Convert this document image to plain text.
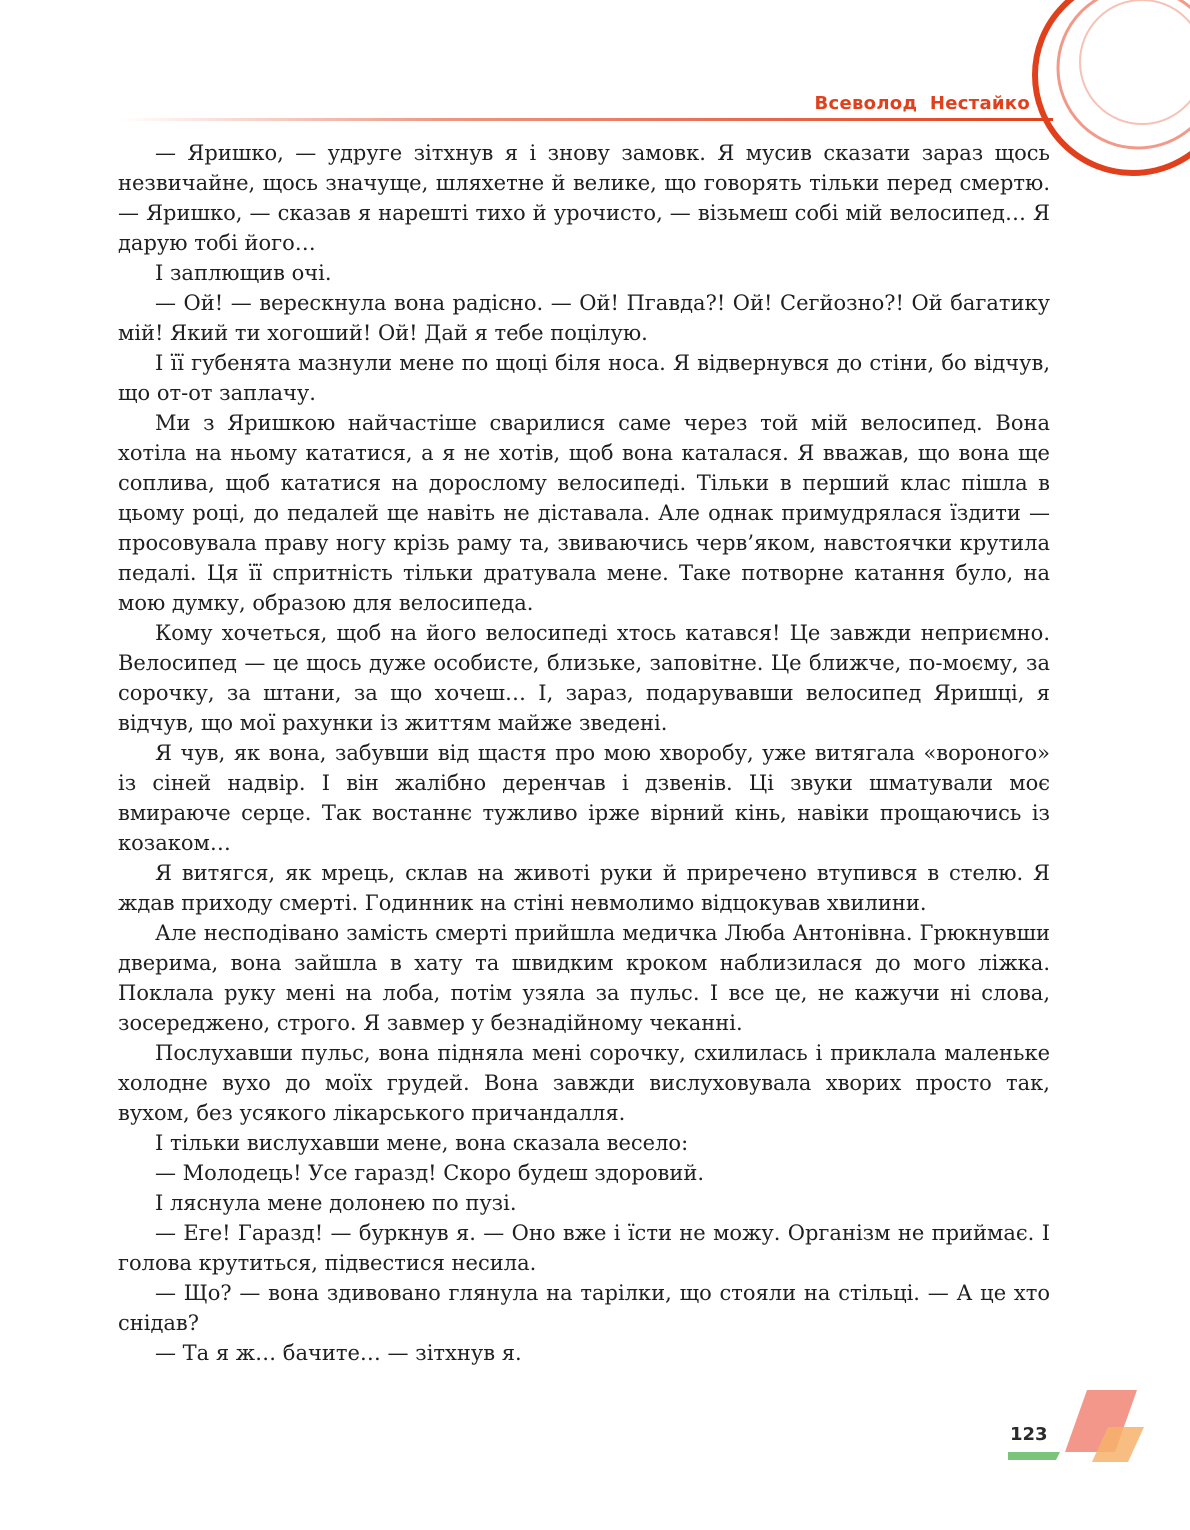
Всеволод Нестайко

— Яришко, — удруге зітхнув я і знову замовк. Я мусив сказати зараз щось незвичайне, щось значуще, шляхетне й велике, що говорять тільки перед смертю. — Яришко, — сказав я нарешті тихо й урочисто, — візьмеш собі мій велосипед… Я дарую тобі його…

І заплющив очі.

— Ой! — верескнула вона радісно. — Ой! Пгавда?! Ой! Сегйозно?! Ой багатику мій! Який ти хогоший! Ой! Дай я тебе поцілую.

І її губенята мазнули мене по щоці біля носа. Я відвернувся до стіни, бо відчув, що от-от заплачу.

Ми з Яришкою найчастіше сварилися саме через той мій велосипед. Вона хотіла на ньому кататися, а я не хотів, щоб вона каталася. Я вважав, що вона ще соплива, щоб кататися на дорослому велосипеді. Тільки в перший клас пішла в цьому році, до педалей ще навіть не діставала. Але однак примудрялася їздити — просовувала праву ногу крізь раму та, звиваючись черв’яком, навстоячки крутила педалі. Ця її спритність тільки дратувала мене. Таке потворне катання було, на мою думку, образою для велосипеда.

Кому хочеться, щоб на його велосипеді хтось катався! Це завжди неприємно. Велосипед — це щось дуже особисте, близьке, заповітне. Це ближче, по-моєму, за сорочку, за штани, за що хочеш… І, зараз, подарувавши велосипед Яришці, я відчув, що мої рахунки із життям майже зведені.

Я чув, як вона, забувши від щастя про мою хворобу, уже витягала «вороного» із сіней надвір. І він жалібно деренчав і дзвенів. Ці звуки шматували моє вмираюче серце. Так востаннє тужливо ірже вірний кінь, навіки прощаючись із козаком…

Я витягся, як мрець, склав на животі руки й приречено втупився в стелю. Я ждав приходу смерті. Годинник на стіні невмолимо відцокував хвилини.

Але несподівано замість смерті прийшла медичка Люба Антонівна. Грюкнувши дверима, вона зайшла в хату та швидким кроком наблизилася до мого ліжка. Поклала руку мені на лоба, потім узяла за пульс. І все це, не кажучи ні слова, зосереджено, строго. Я завмер у безнадійному чеканні.

Послухавши пульс, вона підняла мені сорочку, схилилась і приклала маленьке холодне вухо до моїх грудей. Вона завжди вислуховувала хворих просто так, вухом, без усякого лікарського причандалля.

І тільки вислухавши мене, вона сказала весело:

— Молодець! Усе гаразд! Скоро будеш здоровий.

І ляснула мене долонею по пузі.

— Еге! Гаразд! — буркнув я. — Оно вже і їсти не можу. Організм не приймає. І голова крутиться, підвестися несила.

— Що? — вона здивовано глянула на тарілки, що стояли на стільці. — А це хто снідав?

— Та я ж… бачите… — зітхнув я.

123
